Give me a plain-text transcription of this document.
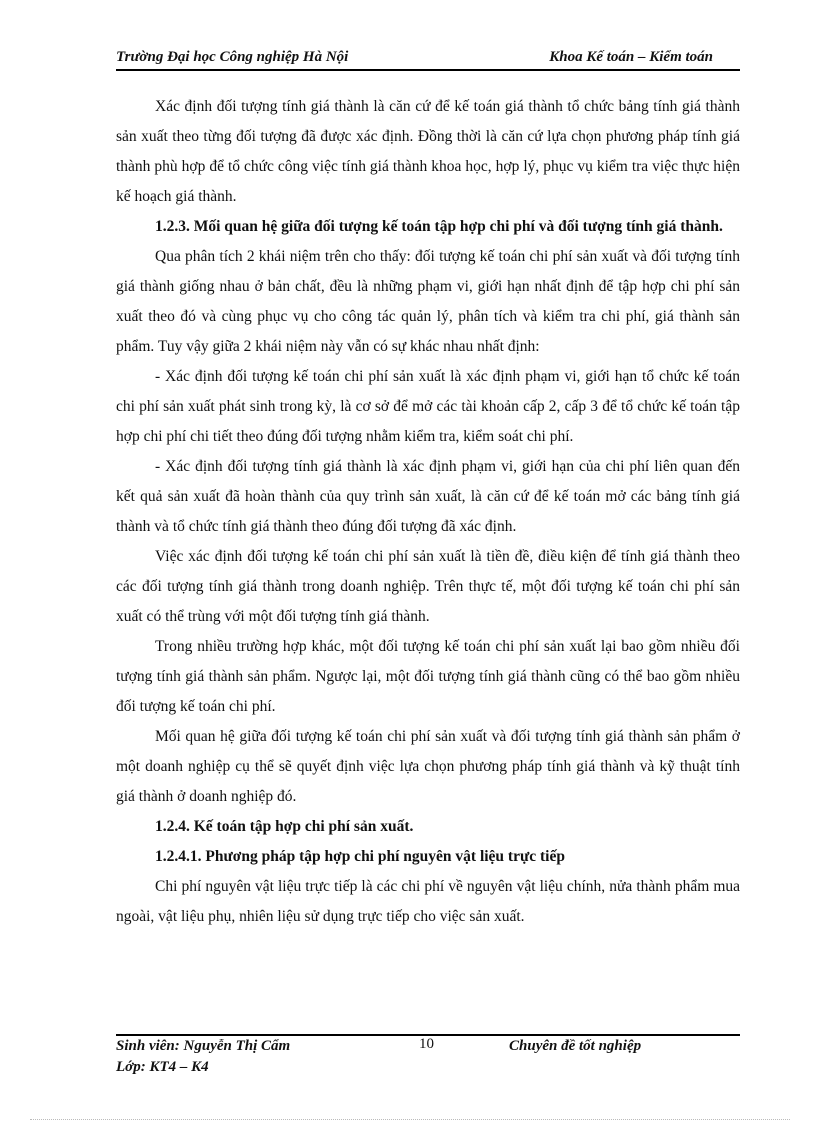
Trường Đại học Công nghiệp Hà Nội	Khoa Kế toán – Kiểm toán

Xác định đối tượng tính giá thành là căn cứ để kế toán giá thành tổ chức bảng tính giá thành sản xuất theo từng đối tượng đã được xác định. Đồng thời là căn cứ lựa chọn phương pháp tính giá thành phù hợp để tổ chức công việc tính giá thành khoa học, hợp lý, phục vụ kiểm tra việc thực hiện kế hoạch giá thành.

1.2.3. Mối quan hệ giữa đối tượng kế toán tập hợp chi phí và đối tượng tính giá thành.

Qua phân tích 2 khái niệm trên cho thấy: đối tượng kế toán chi phí sản xuất và đối tượng tính giá thành giống nhau ở bản chất, đều là những phạm vi, giới hạn nhất định để tập hợp chi phí sản xuất theo đó và cùng phục vụ cho công tác quản lý, phân tích và kiểm tra chi phí, giá thành sản phẩm. Tuy vậy giữa 2 khái niệm này vẫn có sự khác nhau nhất định:

- Xác định đối tượng kế toán chi phí sản xuất là xác định phạm vi, giới hạn tổ chức kế toán chi phí sản xuất phát sinh trong kỳ, là cơ sở để mở các tài khoản cấp 2, cấp 3 để tổ chức kế toán tập hợp chi phí chi tiết theo đúng đối tượng nhằm kiểm tra, kiểm soát chi phí.

- Xác định đối tượng tính giá thành là xác định phạm vi, giới hạn của chi phí liên quan đến kết quả sản xuất đã hoàn thành của quy trình sản xuất, là căn cứ để kế toán mở các bảng tính giá thành và tổ chức tính giá thành theo đúng đối tượng đã xác định.

Việc xác định đối tượng kế toán chi phí sản xuất là tiền đề, điều kiện để tính giá thành theo các đối tượng tính giá thành trong doanh nghiệp. Trên thực tế, một đối tượng kế toán chi phí sản xuất có thể trùng với một đối tượng tính giá thành.

Trong nhiều trường hợp khác, một đối tượng kế toán chi phí sản xuất lại bao gồm nhiều đối tượng tính giá thành sản phẩm. Ngược lại, một đối tượng tính giá thành cũng có thể bao gồm nhiều đối tượng kế toán chi phí.

Mối quan hệ giữa đối tượng kế toán chi phí sản xuất và đối tượng tính giá thành sản phẩm ở một doanh nghiệp cụ thể sẽ quyết định việc lựa chọn phương pháp tính giá thành và kỹ thuật tính giá thành ở doanh nghiệp đó.

1.2.4. Kế toán tập hợp chi phí sản xuất.

1.2.4.1. Phương pháp tập hợp chi phí nguyên vật liệu trực tiếp

Chi phí nguyên vật liệu trực tiếp là các chi phí về nguyên vật liệu chính, nửa thành phẩm mua ngoài, vật liệu phụ, nhiên liệu sử dụng trực tiếp cho việc sản xuất.

Sinh viên: Nguyễn Thị Cẩm	10	Chuyên đề tốt nghiệp
Lớp: KT4 – K4
